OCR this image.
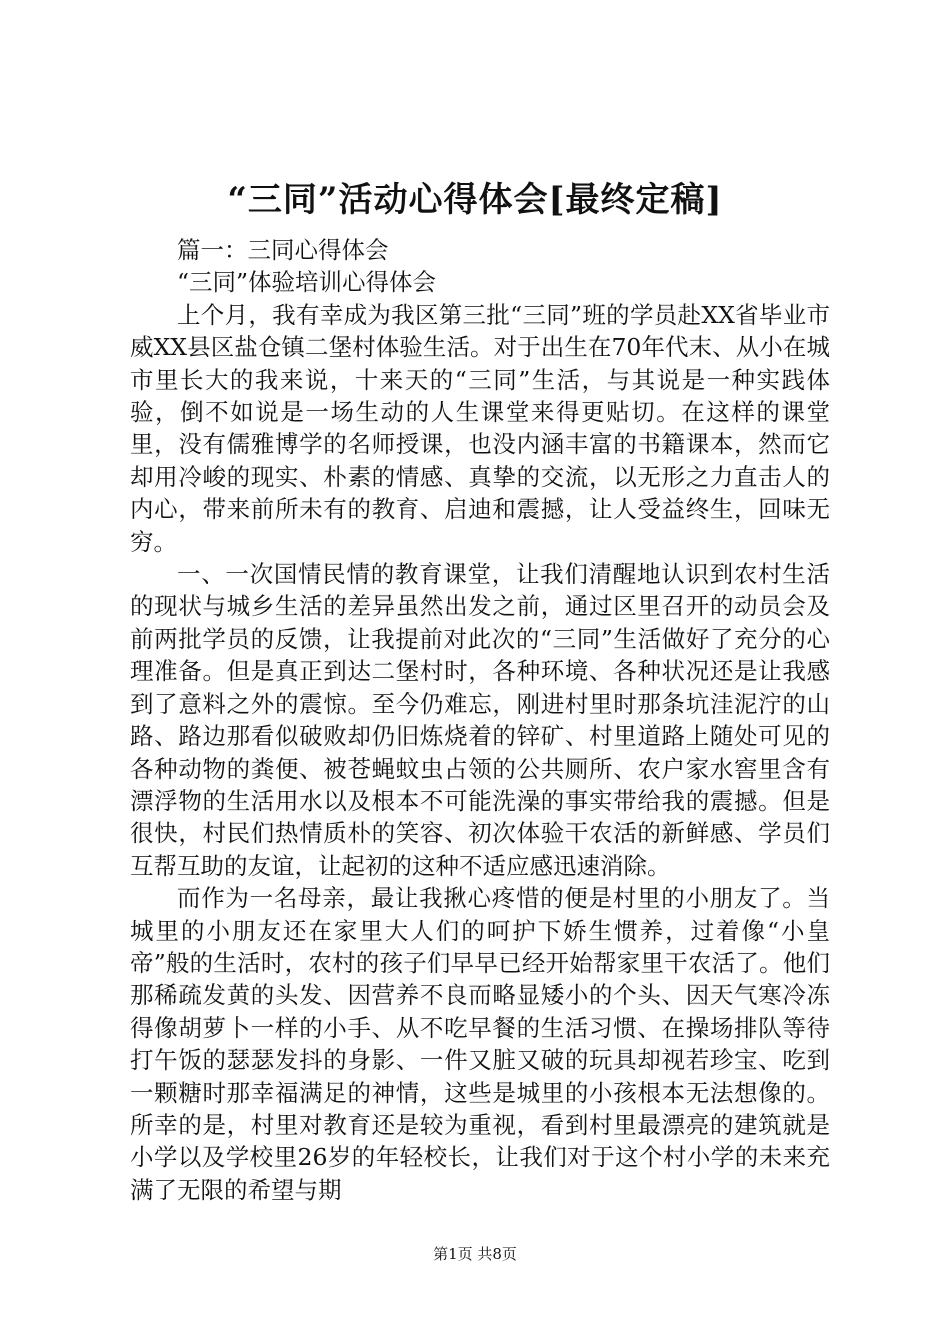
“三同”活动心得体会[最终定稿]

篇一：三同心得体会

“三同”体验培训心得体会

上个月，我有幸成为我区第三批“三同”班的学员赴XX省毕业市威XX县区盐仓镇二堡村体验生活。对于出生在70年代末、从小在城市里长大的我来说，十来天的“三同”生活，与其说是一种实践体验，倒不如说是一场生动的人生课堂来得更贴切。在这样的课堂里，没有儒雅博学的名师授课，也没内涵丰富的书籍课本，然而它却用冷峻的现实、朴素的情感、真挚的交流，以无形之力直击人的内心，带来前所未有的教育、启迪和震撼，让人受益终生，回味无穷。

一、一次国情民情的教育课堂，让我们清醒地认识到农村生活的现状与城乡生活的差异虽然出发之前，通过区里召开的动员会及前两批学员的反馈，让我提前对此次的“三同”生活做好了充分的心理准备。但是真正到达二堡村时，各种环境、各种状况还是让我感到了意料之外的震惊。至今仍难忘，刚进村里时那条坑洼泥泞的山路、路边那看似破败却仍旧炼烧着的锌矿、村里道路上随处可见的各种动物的粪便、被苍蝇蚊虫占领的公共厕所、农户家水窖里含有漂浮物的生活用水以及根本不可能洗澡的事实带给我的震撼。但是很快，村民们热情质朴的笑容、初次体验干农活的新鲜感、学员们互帮互助的友谊，让起初的这种不适应感迅速消除。

而作为一名母亲，最让我揪心疼惜的便是村里的小朋友了。当城里的小朋友还在家里大人们的呵护下娇生惯养，过着像“小皇帝”般的生活时，农村的孩子们早早已经开始帮家里干农活了。他们那稀疏发黄的头发、因营养不良而略显矮小的个头、因天气寒冷冻得像胡萝卜一样的小手、从不吃早餐的生活习惯、在操场排队等待打午饭的瑟瑟发抖的身影、一件又脏又破的玩具却视若珍宝、吃到一颗糖时那幸福满足的神情，这些是城里的小孩根本无法想像的。所幸的是，村里对教育还是较为重视，看到村里最漂亮的建筑就是小学以及学校里26岁的年轻校长，让我们对于这个村小学的未来充满了无限的希望与期

第1页 共8页
